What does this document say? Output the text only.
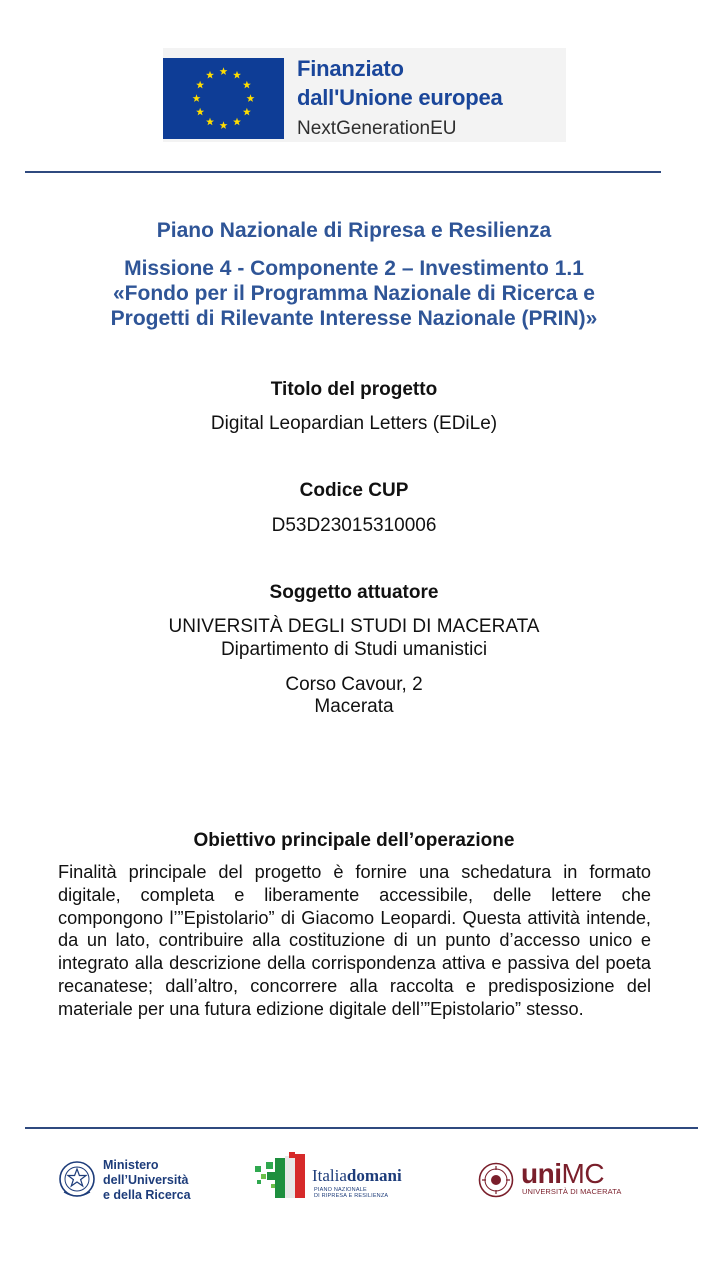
Finanziato
dall'Unione europea
NextGenerationEU
Piano Nazionale di Ripresa e Resilienza
Missione 4 - Componente 2 – Investimento 1.1
«Fondo per il Programma Nazionale di Ricerca e
Progetti di Rilevante Interesse Nazionale (PRIN)»
Titolo del progetto
Digital Leopardian Letters (EDiLe)
Codice CUP
D53D23015310006
Soggetto attuatore
UNIVERSITÀ DEGLI STUDI DI MACERATA
Dipartimento di Studi umanistici
Corso Cavour, 2
Macerata
Obiettivo principale dell’operazione
Finalità principale del progetto è fornire una schedatura in formato digitale, completa e liberamente accessibile, delle lettere che compongono l’”Epistolario” di Giacomo Leopardi. Questa attività intende, da un lato, contribuire alla costituzione di un punto d’accesso unico e integrato alla descrizione della corrispondenza attiva e passiva del poeta recanatese; dall’altro, concorrere alla raccolta e predisposizione del materiale per una futura edizione digitale dell’”Epistolario” stesso.
Ministero
dell’Università
e della Ricerca
Italiadomani
PIANO NAZIONALE
DI RIPRESA E RESILIENZA
uniMC
UNIVERSITÀ DI MACERATA
